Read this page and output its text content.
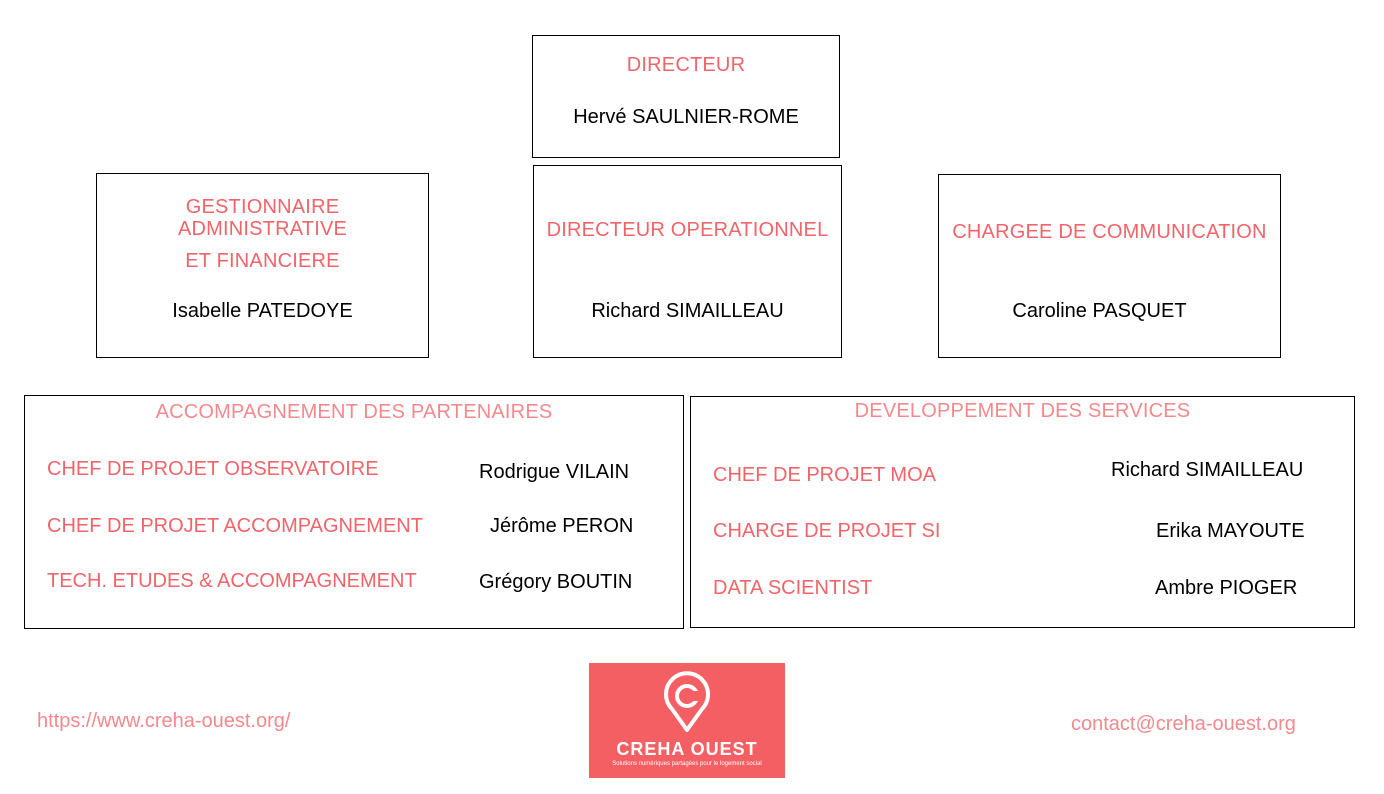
DIRECTEUR
Hervé SAULNIER-ROME
GESTIONNAIRE
ADMINISTRATIVE
ET FINANCIERE
Isabelle PATEDOYE
DIRECTEUR OPERATIONNEL
Richard SIMAILLEAU
CHARGEE DE COMMUNICATION
Caroline PASQUET
ACCOMPAGNEMENT DES PARTENAIRES
CHEF DE PROJET OBSERVATOIRE	Rodrigue VILAIN
CHEF DE PROJET ACCOMPAGNEMENT	Jérôme PERON
TECH. ETUDES & ACCOMPAGNEMENT	Grégory BOUTIN
DEVELOPPEMENT DES SERVICES
CHEF DE PROJET MOA	Richard SIMAILLEAU
CHARGE DE PROJET SI	Erika MAYOUTE
DATA SCIENTIST	Ambre PIOGER
https://www.creha-ouest.org/	contact@creha-ouest.org
CREHA OUEST
Solutions numériques partagées pour le logement social
